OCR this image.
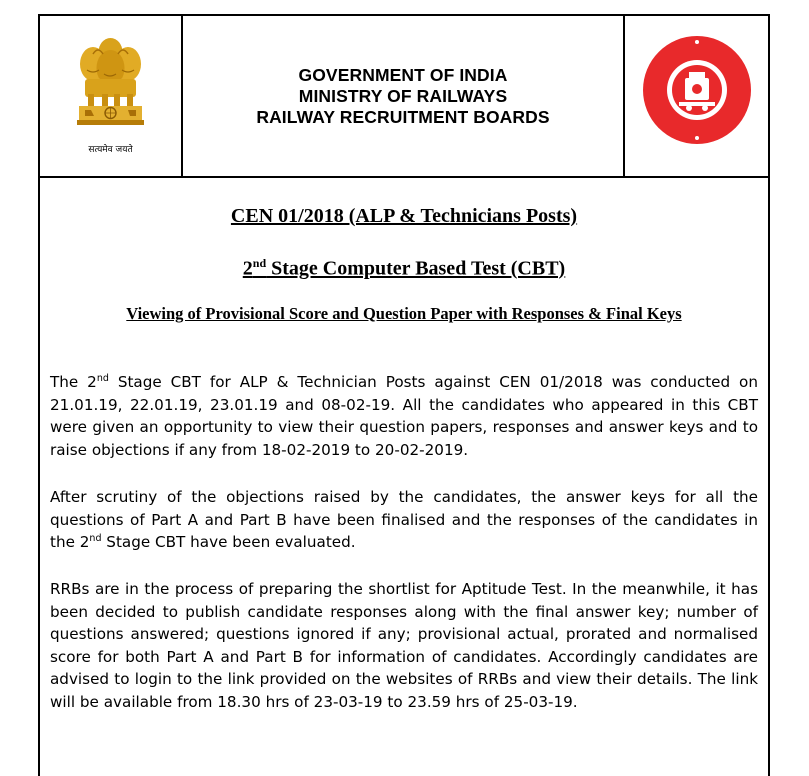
सत्यमेव जयते
GOVERNMENT OF INDIA
MINISTRY OF RAILWAYS
RAILWAY RECRUITMENT BOARDS
CEN 01/2018 (ALP & Technicians Posts)
2nd Stage Computer Based Test (CBT)
Viewing of Provisional Score and Question Paper with Responses & Final Keys
The 2nd Stage CBT for ALP & Technician Posts against CEN 01/2018 was conducted on 21.01.19, 22.01.19, 23.01.19 and 08-02-19. All the candidates who appeared in this CBT were given an opportunity to view their question papers, responses and answer keys and to raise objections if any from 18-02-2019 to 20-02-2019.
After scrutiny of the objections raised by the candidates, the answer keys for all the questions of Part A and Part B have been finalised and the responses of the candidates in the 2nd Stage CBT have been evaluated.
RRBs are in the process of preparing the shortlist for Aptitude Test. In the meanwhile, it has been decided to publish candidate responses along with the final answer key; number of questions answered; questions ignored if any; provisional actual, prorated and normalised score for both Part A and Part B for information of candidates. Accordingly candidates are advised to login to the link provided on the websites of RRBs and view their details. The link will be available from 18.30 hrs of 23-03-19 to 23.59 hrs of 25-03-19.
